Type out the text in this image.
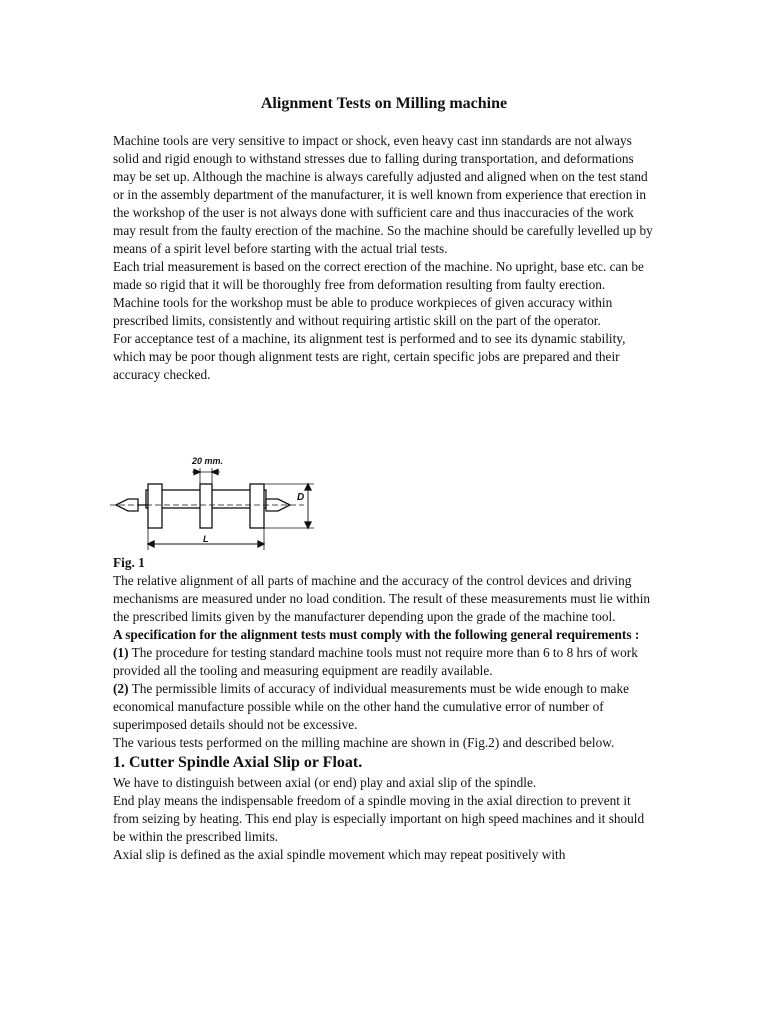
Alignment Tests on Milling machine

Machine tools are very sensitive to impact or shock, even heavy cast inn standards are not always solid and rigid enough to withstand stresses due to falling during transportation, and deformations may be set up. Although the machine is always carefully adjusted and aligned when on the test stand or in the assembly department of the manufacturer, it is well known from experience that erection in the workshop of the user is not always done with sufficient care and thus inaccuracies of the work may result from the faulty erection of the machine. So the machine should be carefully levelled up by means of a spirit level before starting with the actual trial tests.

Each trial measurement is based on the correct erection of the machine. No upright, base etc. can be made so rigid that it will be thoroughly free from deformation resulting from faulty erection.

Machine tools for the workshop must be able to produce workpieces of given accuracy within prescribed limits, consistently and without requiring artistic skill on the part of the operator.

For acceptance test of a machine, its alignment test is performed and to see its dynamic stability, which may be poor though alignment tests are right, certain specific jobs are prepared and their accuracy checked.

20 mm.
D
L

Fig. 1

The relative alignment of all parts of machine and the accuracy of the control devices and driving mechanisms are measured under no load condition. The result of these measurements must lie within the prescribed limits given by the manufacturer depending upon the grade of the machine tool.

A specification for the alignment tests must comply with the following general requirements :

(1) The procedure for testing standard machine tools must not require more than 6 to 8 hrs of work provided all the tooling and measuring equipment are readily available.

(2) The permissible limits of accuracy of individual measurements must be wide enough to make economical manufacture possible while on the other hand the cumulative error of number of superimposed details should not be excessive.

The various tests performed on the milling machine are shown in (Fig.2) and described below.

1. Cutter Spindle Axial Slip or Float.

We have to distinguish between axial (or end) play and axial slip of the spindle.

End play means the indispensable freedom of a spindle moving in the axial direction to prevent it from seizing by heating. This end play is especially important on high speed machines and it should be within the prescribed limits.

Axial slip is defined as the axial spindle movement which may repeat positively with
